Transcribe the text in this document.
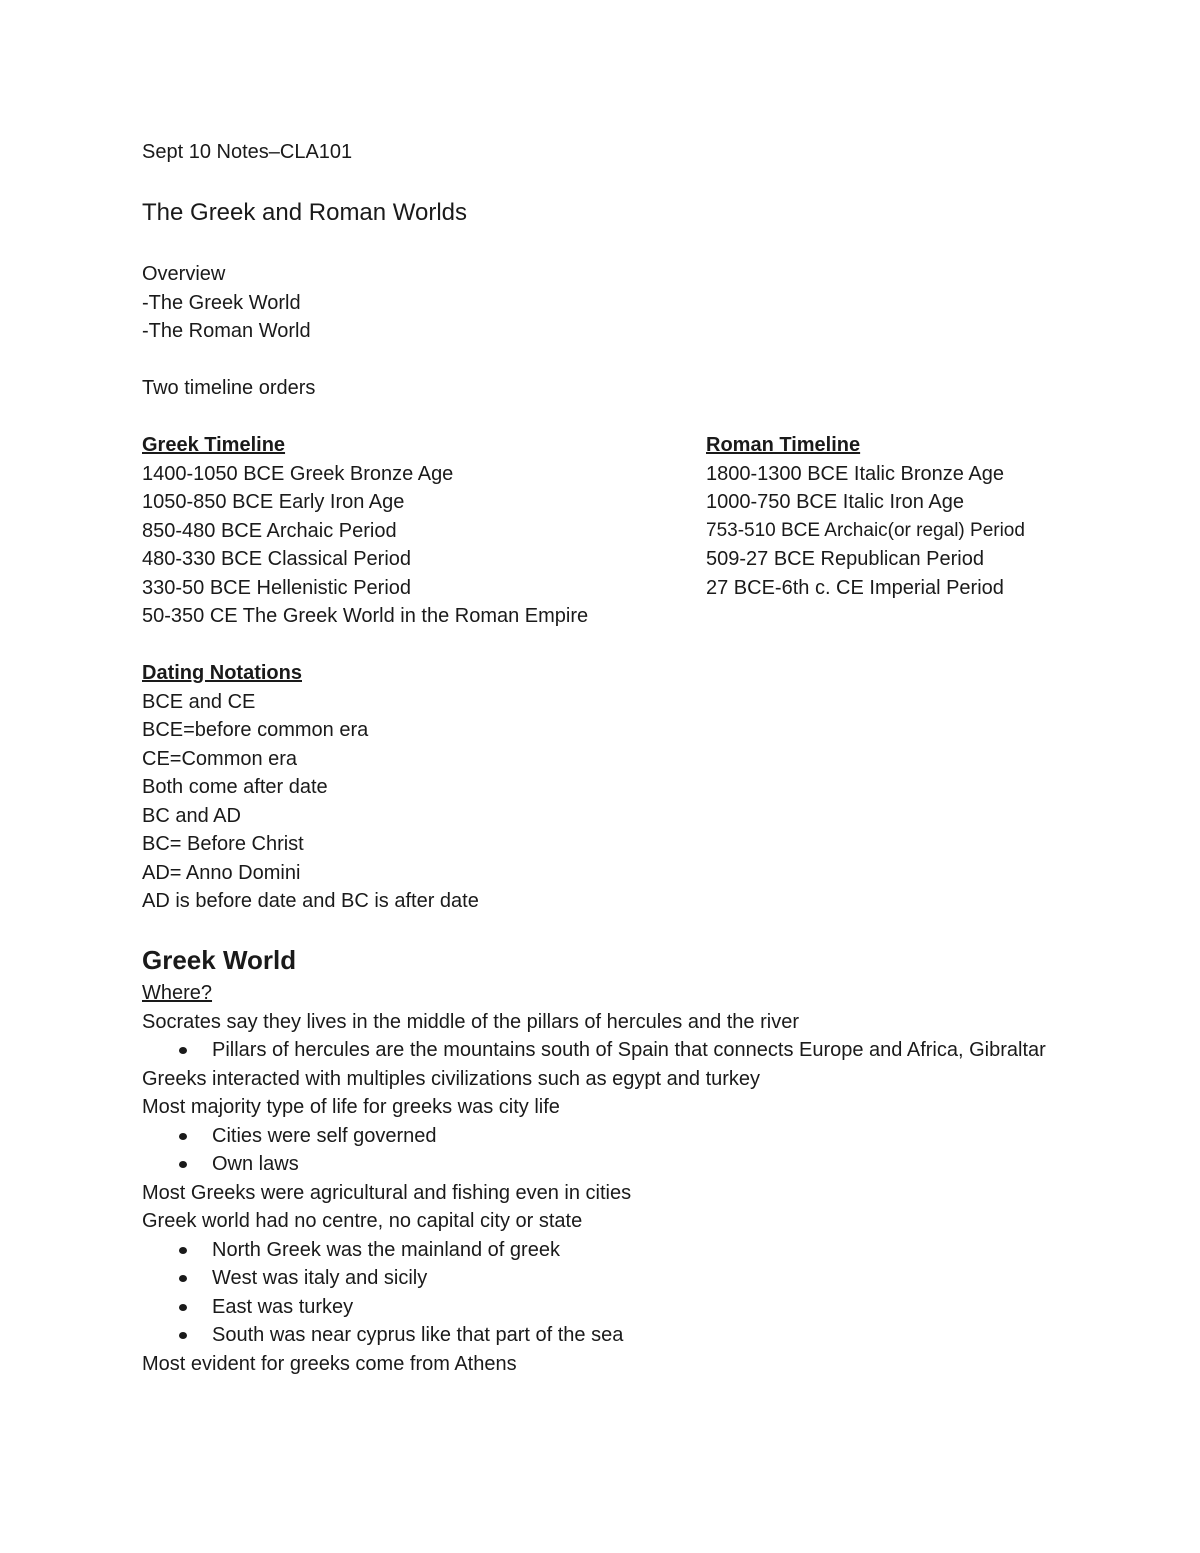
Sept 10 Notes–CLA101
The Greek and Roman Worlds
Overview
-The Greek World
-The Roman World
Two timeline orders
Greek Timeline
1400-1050 BCE Greek Bronze Age
1050-850 BCE Early Iron Age
850-480 BCE Archaic Period
480-330 BCE Classical Period
330-50 BCE Hellenistic Period
50-350 CE The Greek World in the Roman Empire
Roman Timeline
1800-1300 BCE Italic Bronze Age
1000-750 BCE Italic Iron Age
753-510 BCE Archaic(or regal) Period
509-27 BCE Republican Period
27 BCE-6th c. CE Imperial Period
Dating Notations
BCE and CE
BCE=before common era
CE=Common era
Both come after date
BC and AD
BC= Before Christ
AD= Anno Domini
AD is before date and BC is after date
Greek World
Where?
Socrates say they lives in the middle of the pillars of hercules and the river
Pillars of hercules are the mountains south of Spain that connects Europe and Africa, Gibraltar
Greeks interacted with multiples civilizations such as egypt and turkey
Most majority type of life for greeks was city life
Cities were self governed
Own laws
Most Greeks were agricultural and fishing even in cities
Greek world had no centre, no capital city or state
North Greek was the mainland of greek
West was italy and sicily
East was turkey
South was near cyprus like that part of the sea
Most evident for greeks come from Athens
